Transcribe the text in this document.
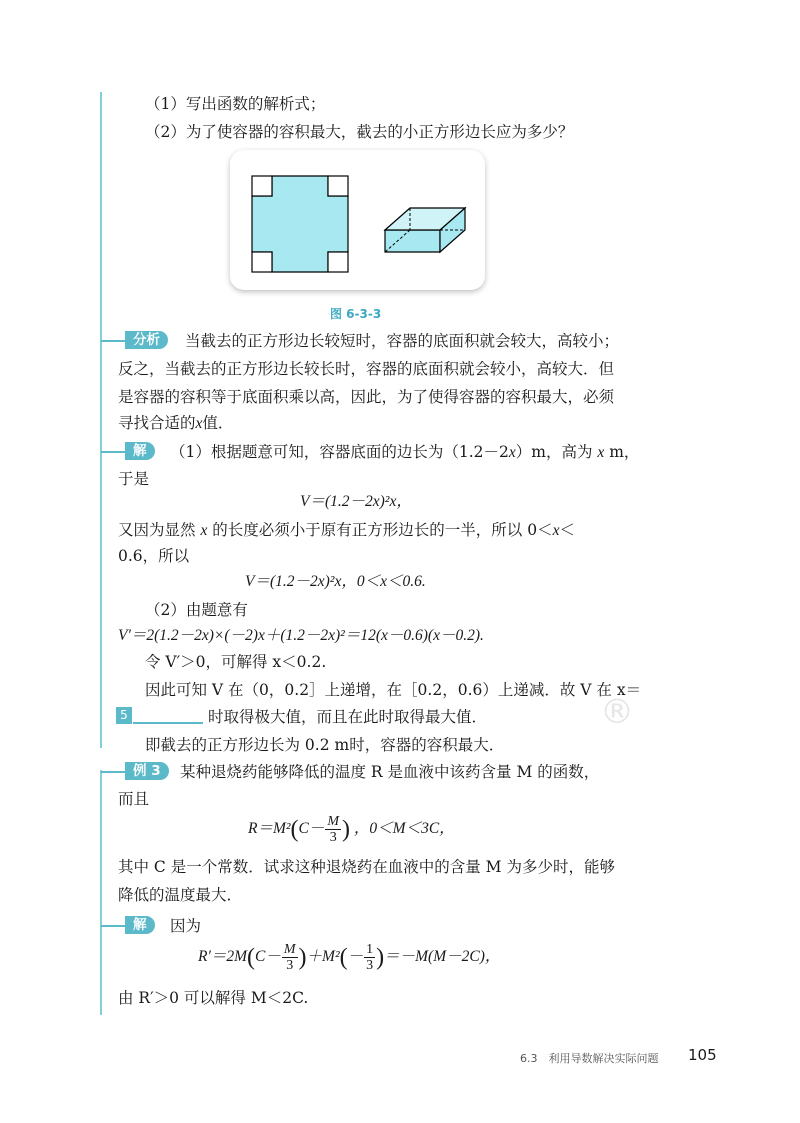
（1）写出函数的解析式；
（2）为了使容器的容积最大，截去的小正方形边长应为多少？
图 6-3-3
分析	当截去的正方形边长较短时，容器的底面积就会较大，高较小；
反之，当截去的正方形边长较长时，容器的底面积就会较小，高较大．但
是容器的容积等于底面积乘以高，因此，为了使得容器的容积最大，必须
寻找合适的x值．
解	（1）根据题意可知，容器底面的边长为（1.2－2x）m，高为 x m，
于是
V＝(1.2－2x)²x，
又因为显然 x 的长度必须小于原有正方形边长的一半，所以 0＜x＜
0.6，所以
V＝(1.2－2x)²x，0＜x＜0.6.
（2）由题意有
V′＝2(1.2－2x)×(－2)x＋(1.2－2x)²＝12(x－0.6)(x－0.2).
令 V′＞0，可解得 x＜0.2.
因此可知 V 在（0，0.2］上递增，在［0.2，0.6）上递减．故 V 在 x＝
5	时取得极大值，而且在此时取得最大值．
即截去的正方形边长为 0.2 m时，容器的容积最大．
®
例 3	某种退烧药能够降低的温度 R 是血液中该药含量 M 的函数，
而且
$R=M^2(C- \frac{M}{3}$ ) ，0＜M＜3C，
其中 C 是一个常数．试求这种退烧药在血液中的含量 M 为多少时，能够
降低的温度最大．
解	因为
$R'=2M(C- \frac{M}{3} )+M^2(- \frac{1}{3} )=-M(M-2C)$，
由 R′＞0 可以解得 M＜2C.
6.3　利用导数解决实际问题 105
